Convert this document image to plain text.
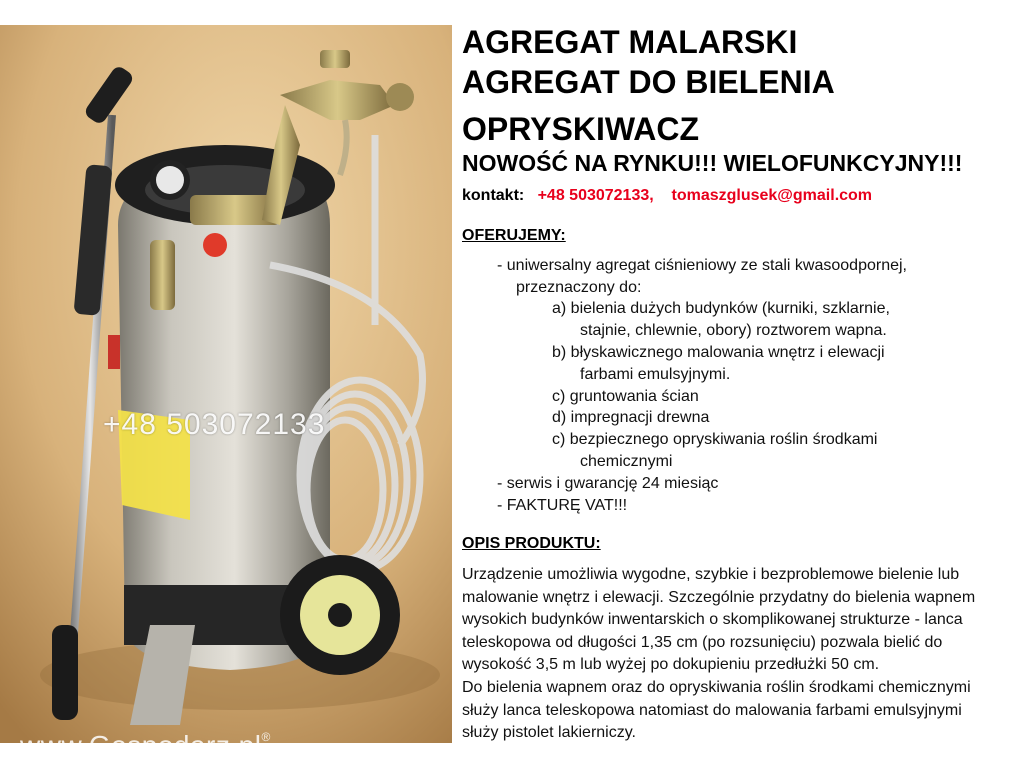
+48 503072133
www.Gospodarz.pl®
AGREGAT MALARSKI
AGREGAT DO BIELENIA
OPRYSKIWACZ
NOWOŚĆ NA RYNKU!!! WIELOFUNKCYJNY!!!
kontakt: +48 503072133, tomaszglusek@gmail.com
OFERUJEMY:
- uniwersalny agregat ciśnieniowy ze stali kwasoodpornej,
przeznaczony do:
a) bielenia dużych budynków (kurniki, szklarnie,
stajnie, chlewnie, obory) roztworem wapna.
b) błyskawicznego malowania wnętrz i elewacji
farbami emulsyjnymi.
c) gruntowania ścian
d) impregnacji drewna
c) bezpiecznego opryskiwania roślin środkami
chemicznymi
- serwis i gwarancję 24 miesiąc
- FAKTURĘ VAT!!!
OPIS PRODUKTU:
Urządzenie umożliwia wygodne, szybkie i bezproblemowe bielenie lub
malowanie wnętrz i elewacji. Szczególnie przydatny do bielenia wapnem
wysokich budynków inwentarskich o skomplikowanej strukturze - lanca
teleskopowa od długości 1,35 cm (po rozsunięciu) pozwala bielić do
wysokość 3,5 m lub wyżej po dokupieniu przedłużki 50 cm.
Do bielenia wapnem oraz do opryskiwania roślin środkami chemicznymi
służy lanca teleskopowa natomiast do malowania farbami emulsyjnymi
służy pistolet lakierniczy.
